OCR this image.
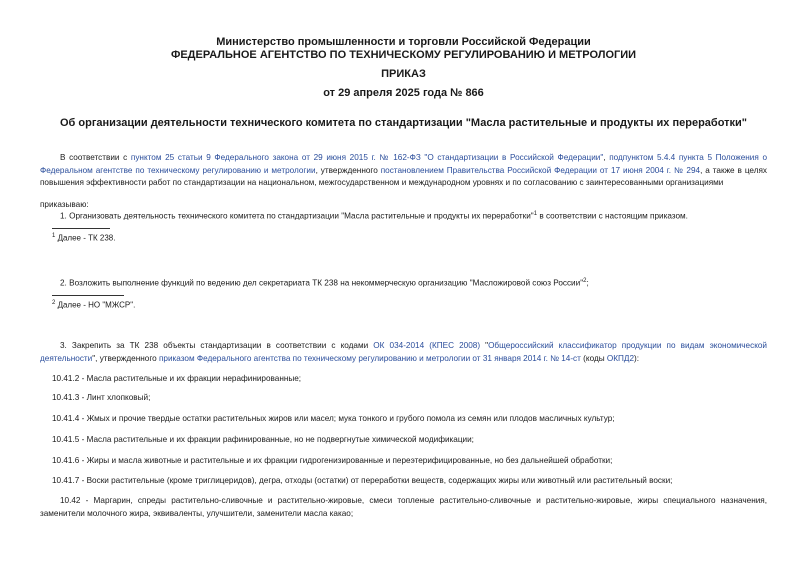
Министерство промышленности и торговли Российской Федерации
ФЕДЕРАЛЬНОЕ АГЕНТСТВО ПО ТЕХНИЧЕСКОМУ РЕГУЛИРОВАНИЮ И МЕТРОЛОГИИ
ПРИКАЗ
от 29 апреля 2025 года № 866
Об организации деятельности технического комитета по стандартизации "Масла растительные и продукты их переработки"
В соответствии с пунктом 25 статьи 9 Федерального закона от 29 июня 2015 г. № 162-ФЗ "О стандартизации в Российской Федерации", подпунктом 5.4.4 пункта 5 Положения о Федеральном агентстве по техническому регулированию и метрологии, утвержденного постановлением Правительства Российской Федерации от 17 июня 2004 г. № 294, а также в целях повышения эффективности работ по стандартизации на национальном, межгосударственном и международном уровнях и по согласованию с заинтересованными организациями
приказываю:
1. Организовать деятельность технического комитета по стандартизации "Масла растительные и продукты их переработки"$^1$ в соответствии с настоящим приказом.
$^1$ Далее - ТК 238.
2. Возложить выполнение функций по ведению дел секретариата ТК 238 на некоммерческую организацию "Масложировой союз России"$^2$;
$^2$ Далее - НО "МЖСР".
3. Закрепить за ТК 238 объекты стандартизации в соответствии с кодами ОК 034-2014 (КПЕС 2008) "Общероссийский классификатор продукции по видам экономической деятельности", утвержденного приказом Федерального агентства по техническому регулированию и метрологии от 31 января 2014 г. № 14-ст (коды ОКПД2):
10.41.2 - Масла растительные и их фракции нерафинированные;
10.41.3 - Линт хлопковый;
10.41.4 - Жмых и прочие твердые остатки растительных жиров или масел; мука тонкого и грубого помола из семян или плодов масличных культур;
10.41.5 - Масла растительные и их фракции рафинированные, но не подвергнутые химической модификации;
10.41.6 - Жиры и масла животные и растительные и их фракции гидрогенизированные и переэтерифицированные, но без дальнейшей обработки;
10.41.7 - Воски растительные (кроме триглицеридов), дегра, отходы (остатки) от переработки веществ, содержащих жиры или животный или растительный воски;
10.42 - Маргарин, спреды растительно-сливочные и растительно-жировые, смеси топленые растительно-сливочные и растительно-жировые, жиры специального назначения, заменители молочного жира, эквиваленты, улучшители, заменители масла какао;
